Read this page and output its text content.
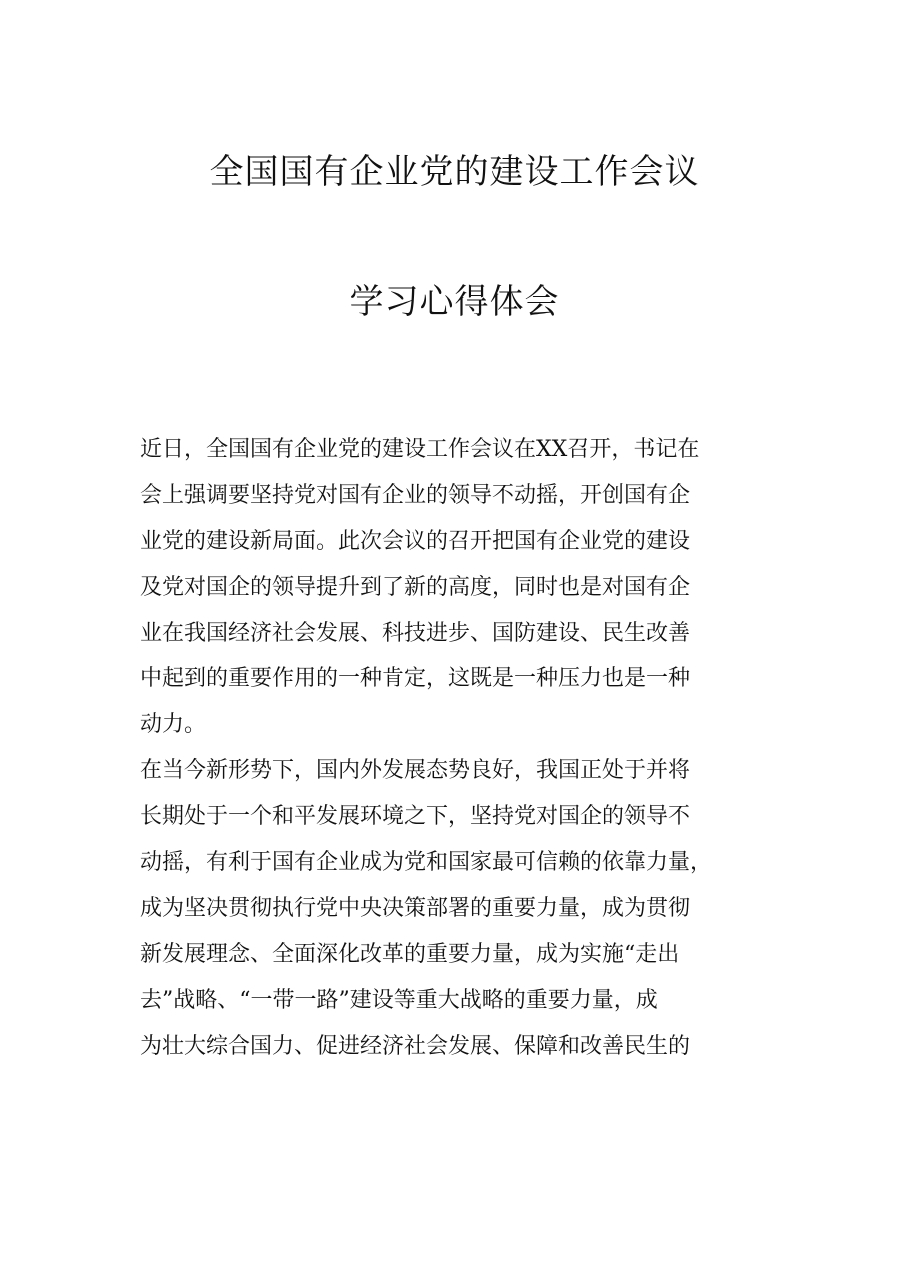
全国国有企业党的建设工作会议
学习心得体会
近日，全国国有企业党的建设工作会议在XX召开，书记在
会上强调要坚持党对国有企业的领导不动摇，开创国有企
业党的建设新局面。此次会议的召开把国有企业党的建设
及党对国企的领导提升到了新的高度，同时也是对国有企
业在我国经济社会发展、科技进步、国防建设、民生改善
中起到的重要作用的一种肯定，这既是一种压力也是一种
动力。
在当今新形势下，国内外发展态势良好，我国正处于并将
长期处于一个和平发展环境之下，坚持党对国企的领导不
动摇，有利于国有企业成为党和国家最可信赖的依靠力量，
成为坚决贯彻执行党中央决策部署的重要力量，成为贯彻
新发展理念、全面深化改革的重要力量，成为实施“走出
去”战略、“一带一路”建设等重大战略的重要力量，成
为壮大综合国力、促进经济社会发展、保障和改善民生的
